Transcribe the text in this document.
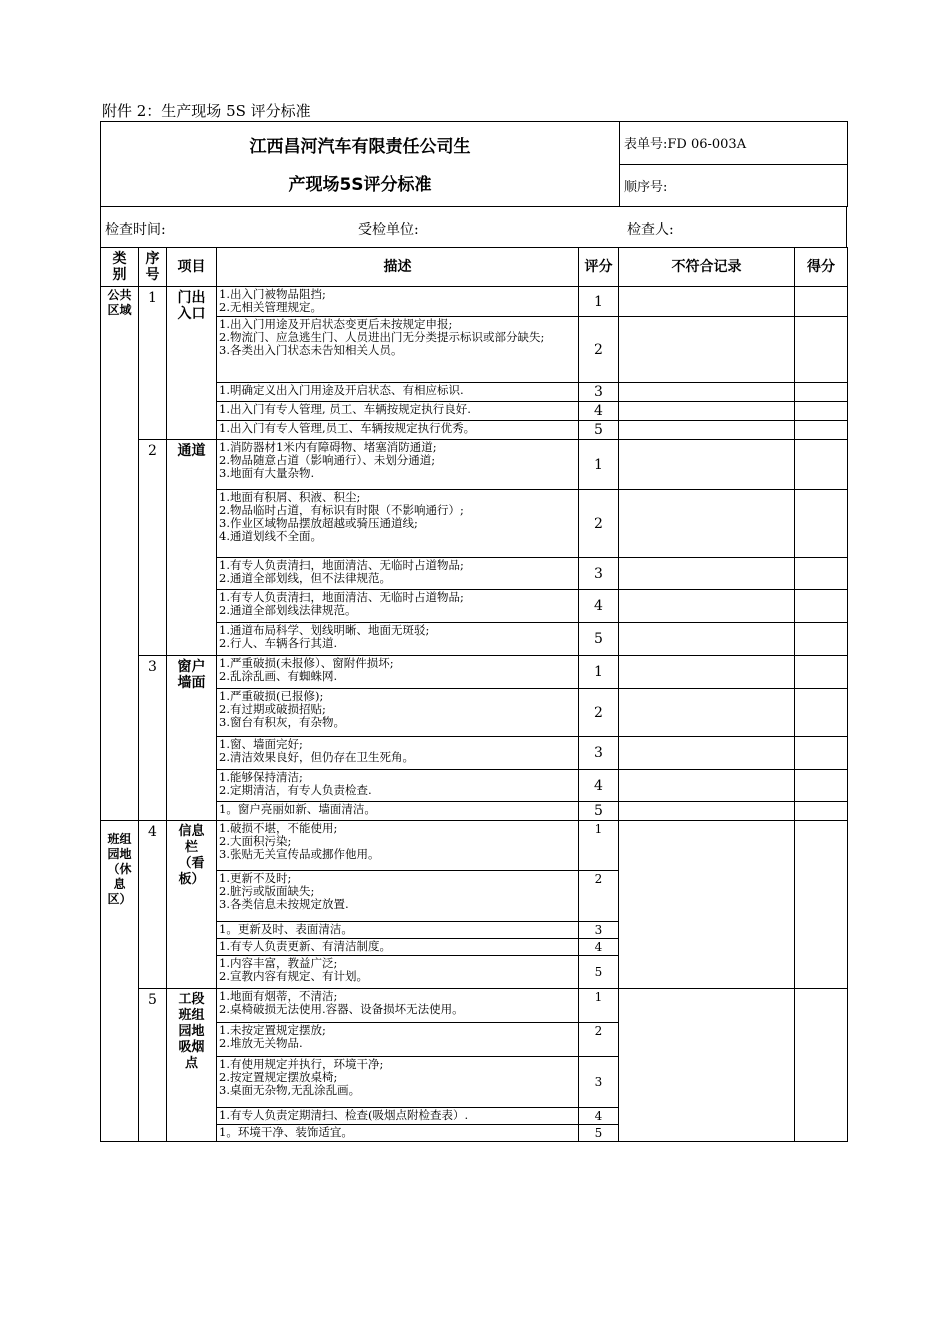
附件 2：生产现场 5S 评分标准
江西昌河汽车有限责任公司生
产现场5S评分标准
	表单号:FD 06-003A
顺序号:
检查时间:	受检单位:	检查人:
类别	序号	项目	描述	评分	不符合记录	得分

公共区域	1	门出入口	1.出入门被物品阻挡;
2.无相关管理规定。	1		

			1.出入门用途及开启状态变更后未按规定申报;
2.物流门、应急逃生门、人员进出门无分类提示标识或部分缺失;
3.各类出入门状态未告知相关人员。	2		

			1.明确定义出入门用途及开启状态、有相应标识.	3		

			1.出入门有专人管理, 员工、车辆按规定执行良好.	4		

			1.出入门有专人管理,员工、车辆按规定执行优秀。	5		
	2	通道	1.消防器材1米内有障碍物、堵塞消防通道;
2.物品随意占道（影响通行）、未划分通道;
3.地面有大量杂物.	1		

			1.地面有积屑、积液、积尘;
2.物品临时占道，有标识有时限（不影响通行）;
3.作业区域物品摆放超越或骑压通道线;
4.通道划线不全面。	2		

			1.有专人负责清扫，地面清洁、无临时占道物品;
2.通道全部划线，但不法律规范。	3		

			1.有专人负责清扫，地面清洁、无临时占道物品;
2.通道全部划线法律规范。	4		

			1.通道布局科学、划线明晰、地面无斑驳;
2.行人、车辆各行其道.	5		
	3	窗户墙面	1.严重破损(未报修）、窗附件损坏;
2.乱涂乱画、有蜘蛛网.	1		

			1.严重破损(已报修);
2.有过期或破损招贴;
3.窗台有积灰，有杂物。	2		

			1.窗、墙面完好;
2.清洁效果良好，但仍存在卫生死角。	3		

			1.能够保持清洁;
2.定期清洁，有专人负责检查.	4		

			1。窗户亮丽如新、墙面清洁。	5		

班组园地（休息区）	4	信息栏（看板）	1.破损不堪，不能使用;
2.大面积污染;
3.张贴无关宣传品或挪作他用。	1		

			1.更新不及时;
2.脏污或版面缺失;
3.各类信息未按规定放置.	2		

			1。更新及时、表面清洁。	3		

			1.有专人负责更新、有清洁制度。	4		

			1.内容丰富，教益广泛;
2.宣教内容有规定、有计划。	5		
	5	工段班组园地吸烟点	1.地面有烟蒂，不清洁;
2.桌椅破损无法使用.容器、设备损坏无法使用。	1		

			1.未按定置规定摆放;
2.堆放无关物品.	2		

			1.有使用规定并执行，环境干净;
2.按定置规定摆放桌椅;
3.桌面无杂物,无乱涂乱画。	3		

			1.有专人负责定期清扫、检查(吸烟点附检查表）.	4		

			1。环境干净、装饰适宜。	5		
